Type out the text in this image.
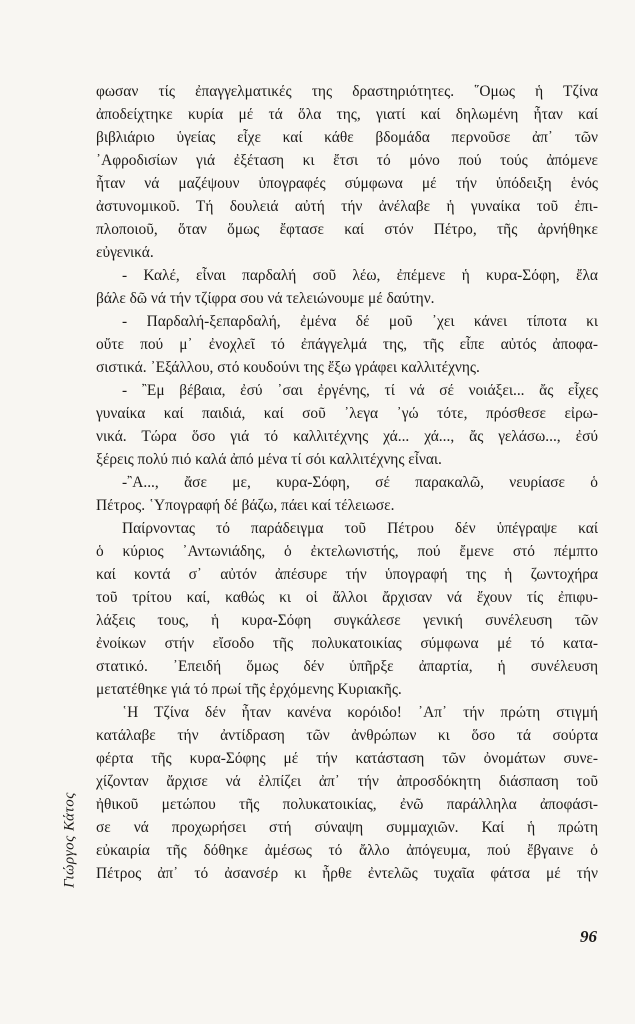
φωσαν τίς ἐπαγγελματικές της δραστηριότητες. ῞Ομως ἡ Τζίνα
ἀποδείχτηκε κυρία μέ τά ὅλα της, γιατί καί δηλωμένη ἦταν καί
βιβλιάριο ὑγείας εἶχε καί κάθε βδομάδα περνοῦσε ἀπ᾽ τῶν
᾽Αφροδισίων γιά ἐξέταση κι ἔτσι τό μόνο πού τούς ἀπόμενε
ἦταν νά μαζέψουν ὑπογραφές σύμφωνα μέ τήν ὑπόδειξη ἑνός
ἀστυνομικοῦ. Τή δουλειά αὐτή τήν ἀνέλαβε ἡ γυναίκα τοῦ ἐπι-
πλοποιοῦ, ὅταν ὅμως ἔφτασε καί στόν Πέτρο, τῆς ἀρνήθηκε
εὐγενικά.
- Καλέ, εἶναι παρδαλή σοῦ λέω, ἐπέμενε ἡ κυρα-Σόφη, ἔλα
βάλε δῶ νά τήν τζίφρα σου νά τελειώνουμε μέ δαύτην.
- Παρδαλή-ξεπαρδαλή, ἐμένα δέ μοῦ ᾽χει κάνει τίποτα κι
οὔτε πού μ᾽ ἐνοχλεῖ τό ἐπάγγελμά της, τῆς εἶπε αὐτός ἀποφα-
σιστικά. ᾽Εξάλλου, στό κουδούνι της ἔξω γράφει καλλιτέχνης.
- ῍Εμ βέβαια, ἐσύ ᾽σαι ἐργένης, τί νά σέ νοιάξει... ἄς εἶχες
γυναίκα καί παιδιά, καί σοῦ ᾽λεγα ᾽γώ τότε, πρόσθεσε εἰρω-
νικά. Τώρα ὅσο γιά τό καλλιτέχνης χά... χά..., ἄς γελάσω..., ἐσύ
ξέρεις πολύ πιό καλά ἀπό μένα τί σόι καλλιτέχνης εἶναι.
-῍Α..., ἄσε με, κυρα-Σόφη, σέ παρακαλῶ, νευρίασε ὁ
Πέτρος. ῾Υπογραφή δέ βάζω, πάει καί τέλειωσε.
Παίρνοντας τό παράδειγμα τοῦ Πέτρου δέν ὑπέγραψε καί
ὁ κύριος ᾽Αντωνιάδης, ὁ ἐκτελωνιστής, πού ἔμενε στό πέμπτο
καί κοντά σ᾽ αὐτόν ἀπέσυρε τήν ὑπογραφή της ἡ ζωντοχήρα
τοῦ τρίτου καί, καθώς κι οἱ ἄλλοι ἄρχισαν νά ἔχουν τίς ἐπιφυ-
λάξεις τους, ἡ κυρα-Σόφη συγκάλεσε γενική συνέλευση τῶν
ἐνοίκων στήν εἴσοδο τῆς πολυκατοικίας σύμφωνα μέ τό κατα-
στατικό. ᾽Επειδή ὅμως δέν ὑπῆρξε ἀπαρτία, ἡ συνέλευση
μετατέθηκε γιά τό πρωί τῆς ἐρχόμενης Κυριακῆς.
῾Η Τζίνα δέν ἦταν κανένα κορόιδο! ᾽Απ᾽ τήν πρώτη στιγμή
κατάλαβε τήν ἀντίδραση τῶν ἀνθρώπων κι ὅσο τά σούρτα
φέρτα τῆς κυρα-Σόφης μέ τήν κατάσταση τῶν ὀνομάτων συνε-
χίζονταν ἄρχισε νά ἐλπίζει ἀπ᾽ τήν ἀπροσδόκητη διάσπαση τοῦ
ἠθικοῦ μετώπου τῆς πολυκατοικίας, ἐνῶ παράλληλα ἀποφάσι-
σε νά προχωρήσει στή σύναψη συμμαχιῶν. Καί ἡ πρώτη
εὐκαιρία τῆς δόθηκε ἀμέσως τό ἄλλο ἀπόγευμα, πού ἔβγαινε ὁ
Πέτρος ἀπ᾽ τό ἀσανσέρ κι ἦρθε ἐντελῶς τυχαῖα φάτσα μέ τήν
Γιώργος Κάτος
96
